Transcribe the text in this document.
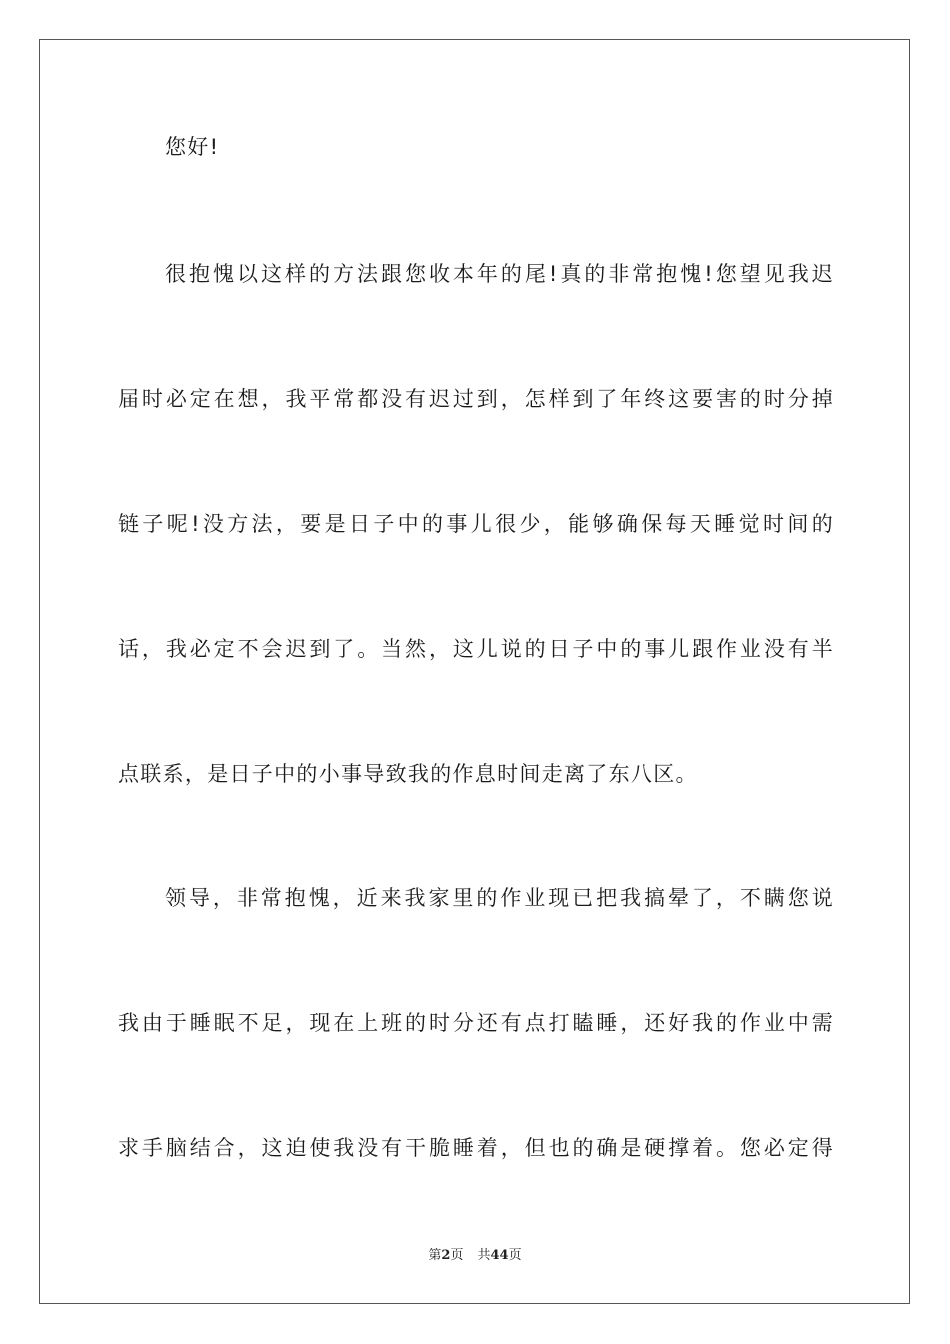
您好!
很抱愧以这样的方法跟您收本年的尾!真的非常抱愧!您望见我迟
届时必定在想，我平常都没有迟过到，怎样到了年终这要害的时分掉
链子呢!没方法，要是日子中的事儿很少，能够确保每天睡觉时间的
话，我必定不会迟到了。当然，这儿说的日子中的事儿跟作业没有半
点联系，是日子中的小事导致我的作息时间走离了东八区。
领导，非常抱愧，近来我家里的作业现已把我搞晕了，不瞒您说
我由于睡眠不足，现在上班的时分还有点打瞌睡，还好我的作业中需
求手脑结合，这迫使我没有干脆睡着，但也的确是硬撑着。您必定得
第2页 共44页
